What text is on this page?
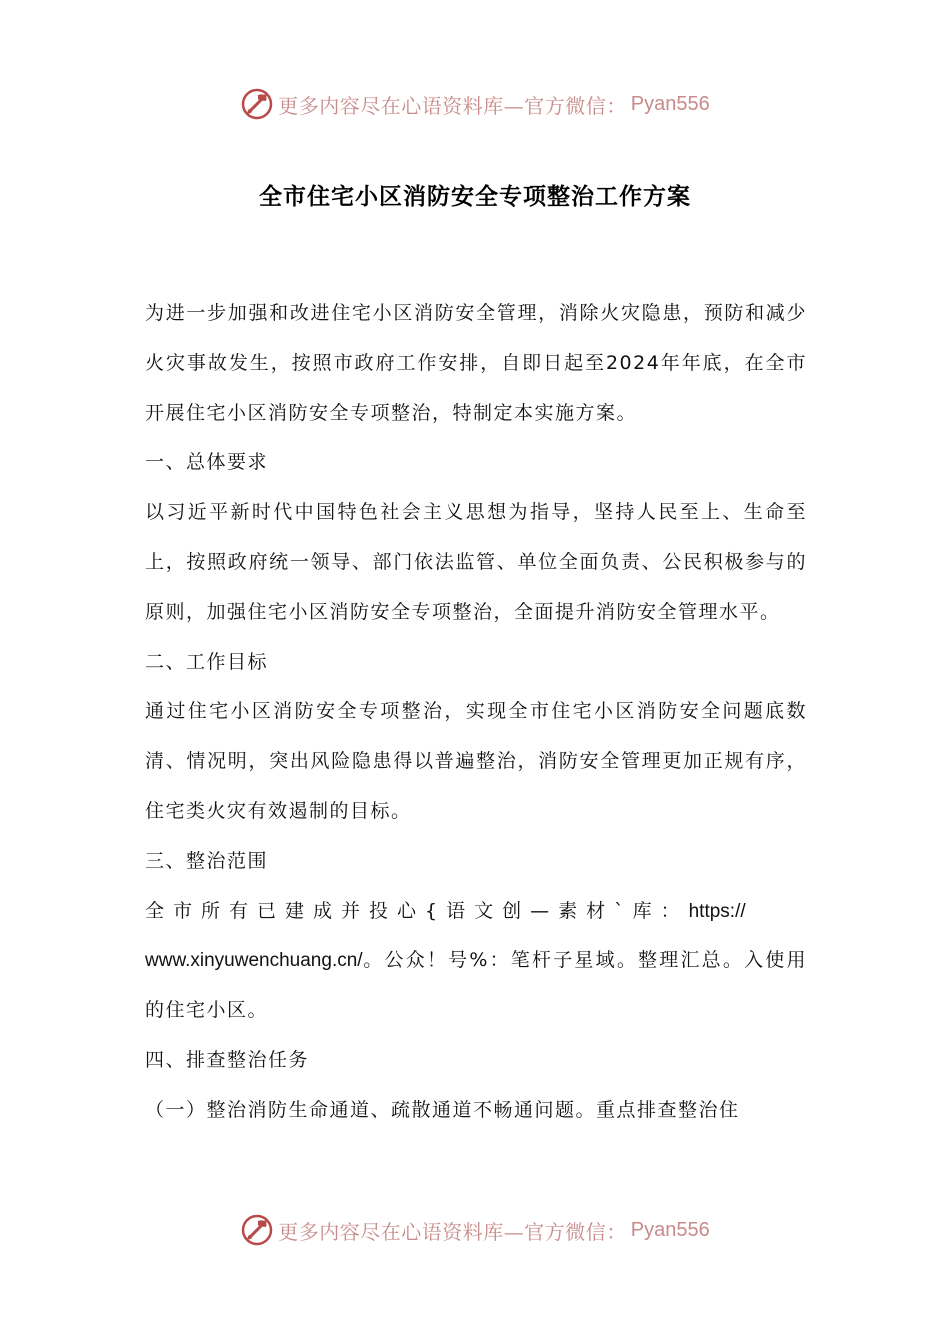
更多内容尽在心语资料库—官方微信： Pyan556
全市住宅小区消防安全专项整治工作方案

为进一步加强和改进住宅小区消防安全管理，消除火灾隐患，预防和减少火灾事故发生，按照市政府工作安排，自即日起至2024年年底，在全市开展住宅小区消防安全专项整治，特制定本实施方案。

一、总体要求

以习近平新时代中国特色社会主义思想为指导，坚持人民至上、生命至上，按照政府统一领导、部门依法监管、单位全面负责、公民积极参与的原则，加强住宅小区消防安全专项整治，全面提升消防安全管理水平。

二、工作目标

通过住宅小区消防安全专项整治，实现全市住宅小区消防安全问题底数清、情况明，突出风险隐患得以普遍整治，消防安全管理更加正规有序，住宅类火灾有效遏制的目标。

三、整治范围

全市所有已建成并投心{语文创—素材`库：https://
www.xinyuwenchuang.cn/。公众！号%：笔杆子星域。整理汇总。入使用的住宅小区。

四、排查整治任务

（一）整治消防生命通道、疏散通道不畅通问题。重点排查整治住

更多内容尽在心语资料库—官方微信： Pyan556
